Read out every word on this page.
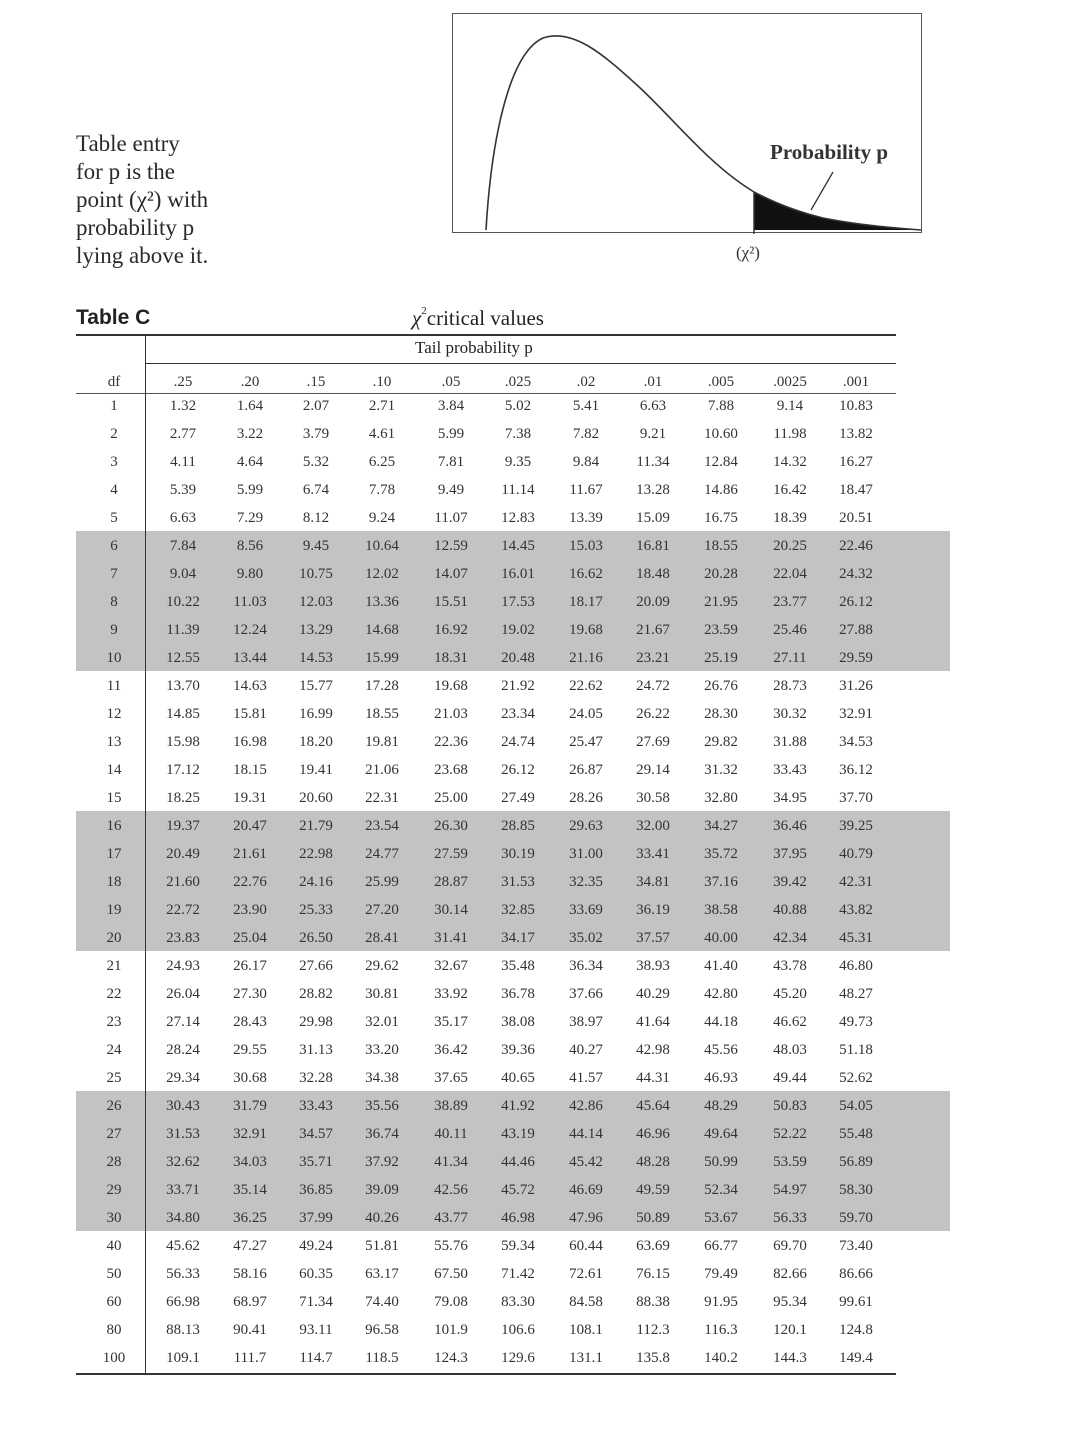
Table entry
for p is the
point (χ²) with
probability p
lying above it.
Probability p
(χ²)
Table C	$\chi^2critical$ values
Tail probability p
df	.25	.20	.15	.10	.05	.025	.02	.01	.005	.0025	.001
1	1.32	1.64	2.07	2.71	3.84	5.02	5.41	6.63	7.88	9.14	10.83
2	2.77	3.22	3.79	4.61	5.99	7.38	7.82	9.21	10.60	11.98	13.82
3	4.11	4.64	5.32	6.25	7.81	9.35	9.84	11.34	12.84	14.32	16.27
4	5.39	5.99	6.74	7.78	9.49	11.14	11.67	13.28	14.86	16.42	18.47
5	6.63	7.29	8.12	9.24	11.07	12.83	13.39	15.09	16.75	18.39	20.51
6	7.84	8.56	9.45	10.64	12.59	14.45	15.03	16.81	18.55	20.25	22.46
7	9.04	9.80	10.75	12.02	14.07	16.01	16.62	18.48	20.28	22.04	24.32
8	10.22	11.03	12.03	13.36	15.51	17.53	18.17	20.09	21.95	23.77	26.12
9	11.39	12.24	13.29	14.68	16.92	19.02	19.68	21.67	23.59	25.46	27.88
10	12.55	13.44	14.53	15.99	18.31	20.48	21.16	23.21	25.19	27.11	29.59
11	13.70	14.63	15.77	17.28	19.68	21.92	22.62	24.72	26.76	28.73	31.26
12	14.85	15.81	16.99	18.55	21.03	23.34	24.05	26.22	28.30	30.32	32.91
13	15.98	16.98	18.20	19.81	22.36	24.74	25.47	27.69	29.82	31.88	34.53
14	17.12	18.15	19.41	21.06	23.68	26.12	26.87	29.14	31.32	33.43	36.12
15	18.25	19.31	20.60	22.31	25.00	27.49	28.26	30.58	32.80	34.95	37.70
16	19.37	20.47	21.79	23.54	26.30	28.85	29.63	32.00	34.27	36.46	39.25
17	20.49	21.61	22.98	24.77	27.59	30.19	31.00	33.41	35.72	37.95	40.79
18	21.60	22.76	24.16	25.99	28.87	31.53	32.35	34.81	37.16	39.42	42.31
19	22.72	23.90	25.33	27.20	30.14	32.85	33.69	36.19	38.58	40.88	43.82
20	23.83	25.04	26.50	28.41	31.41	34.17	35.02	37.57	40.00	42.34	45.31
21	24.93	26.17	27.66	29.62	32.67	35.48	36.34	38.93	41.40	43.78	46.80
22	26.04	27.30	28.82	30.81	33.92	36.78	37.66	40.29	42.80	45.20	48.27
23	27.14	28.43	29.98	32.01	35.17	38.08	38.97	41.64	44.18	46.62	49.73
24	28.24	29.55	31.13	33.20	36.42	39.36	40.27	42.98	45.56	48.03	51.18
25	29.34	30.68	32.28	34.38	37.65	40.65	41.57	44.31	46.93	49.44	52.62
26	30.43	31.79	33.43	35.56	38.89	41.92	42.86	45.64	48.29	50.83	54.05
27	31.53	32.91	34.57	36.74	40.11	43.19	44.14	46.96	49.64	52.22	55.48
28	32.62	34.03	35.71	37.92	41.34	44.46	45.42	48.28	50.99	53.59	56.89
29	33.71	35.14	36.85	39.09	42.56	45.72	46.69	49.59	52.34	54.97	58.30
30	34.80	36.25	37.99	40.26	43.77	46.98	47.96	50.89	53.67	56.33	59.70
40	45.62	47.27	49.24	51.81	55.76	59.34	60.44	63.69	66.77	69.70	73.40
50	56.33	58.16	60.35	63.17	67.50	71.42	72.61	76.15	79.49	82.66	86.66
60	66.98	68.97	71.34	74.40	79.08	83.30	84.58	88.38	91.95	95.34	99.61
80	88.13	90.41	93.11	96.58	101.9	106.6	108.1	112.3	116.3	120.1	124.8
100	109.1	111.7	114.7	118.5	124.3	129.6	131.1	135.8	140.2	144.3	149.4
